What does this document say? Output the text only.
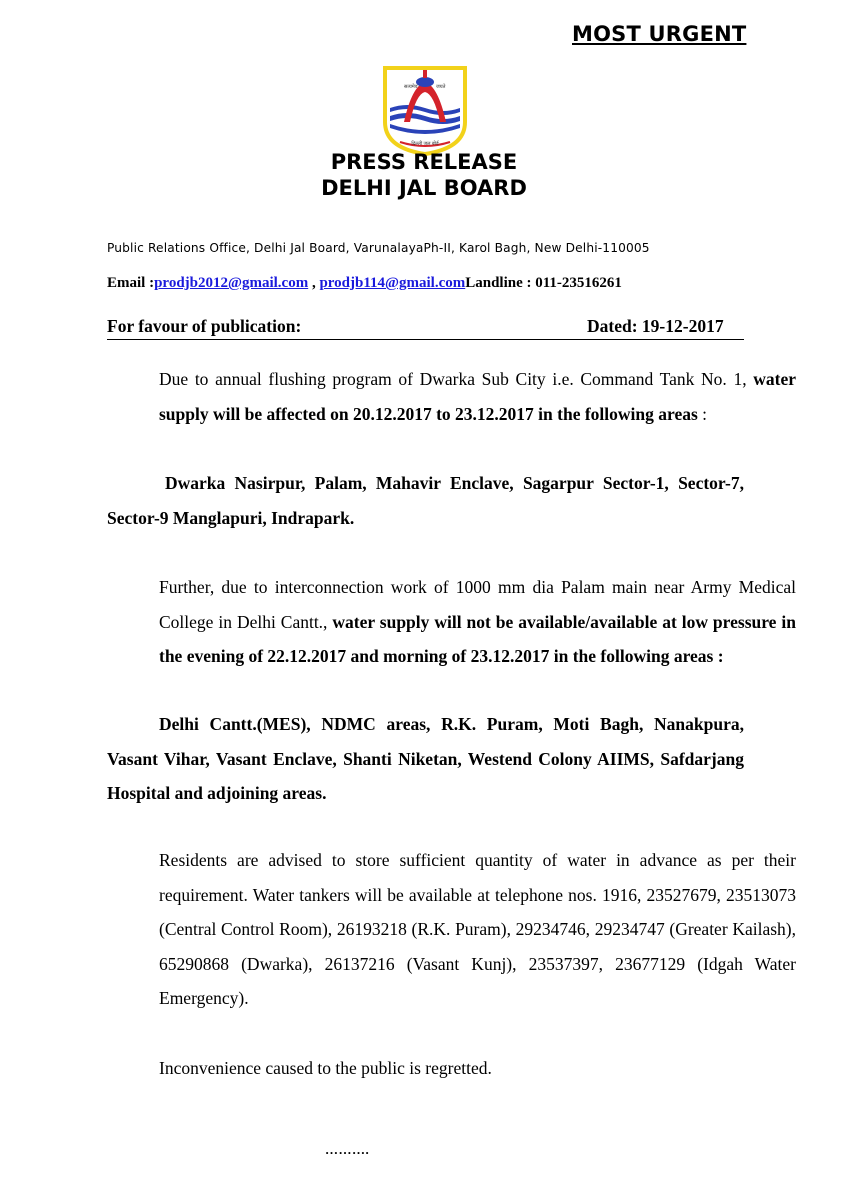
MOST URGENT
सत्यमेव	जयते
दिल्ली जल बोर्ड
PRESS RELEASE
DELHI JAL BOARD
Public Relations Office, Delhi Jal Board, VarunalayaPh-II, Karol Bagh, New Delhi-110005
Email :prodjb2012@gmail.com , prodjb114@gmail.comLandline : 011-23516261
For favour of publication:	Dated: 19-12-2017
Due to annual flushing program of Dwarka Sub City i.e. Command Tank No. 1, water supply will be affected on 20.12.2017 to 23.12.2017 in the following areas :
Dwarka Nasirpur, Palam, Mahavir Enclave, Sagarpur Sector-1, Sector-7, Sector-9 Manglapuri, Indrapark.
Further, due to interconnection work of 1000 mm dia Palam main near Army Medical College in Delhi Cantt., water supply will not be available/available at low pressure in the evening of 22.12.2017 and morning of 23.12.2017 in the following areas :
Delhi Cantt.(MES), NDMC areas, R.K. Puram, Moti Bagh, Nanakpura, Vasant Vihar, Vasant Enclave, Shanti Niketan, Westend Colony AIIMS, Safdarjang Hospital and adjoining areas.
Residents are advised to store sufficient quantity of water in advance as per their requirement. Water tankers will be available at telephone nos. 1916, 23527679, 23513073 (Central Control Room), 26193218 (R.K. Puram), 29234746, 29234747 (Greater Kailash), 65290868 (Dwarka), 26137216 (Vasant Kunj), 23537397, 23677129 (Idgah Water Emergency).
Inconvenience caused to the public is regretted.
……….
